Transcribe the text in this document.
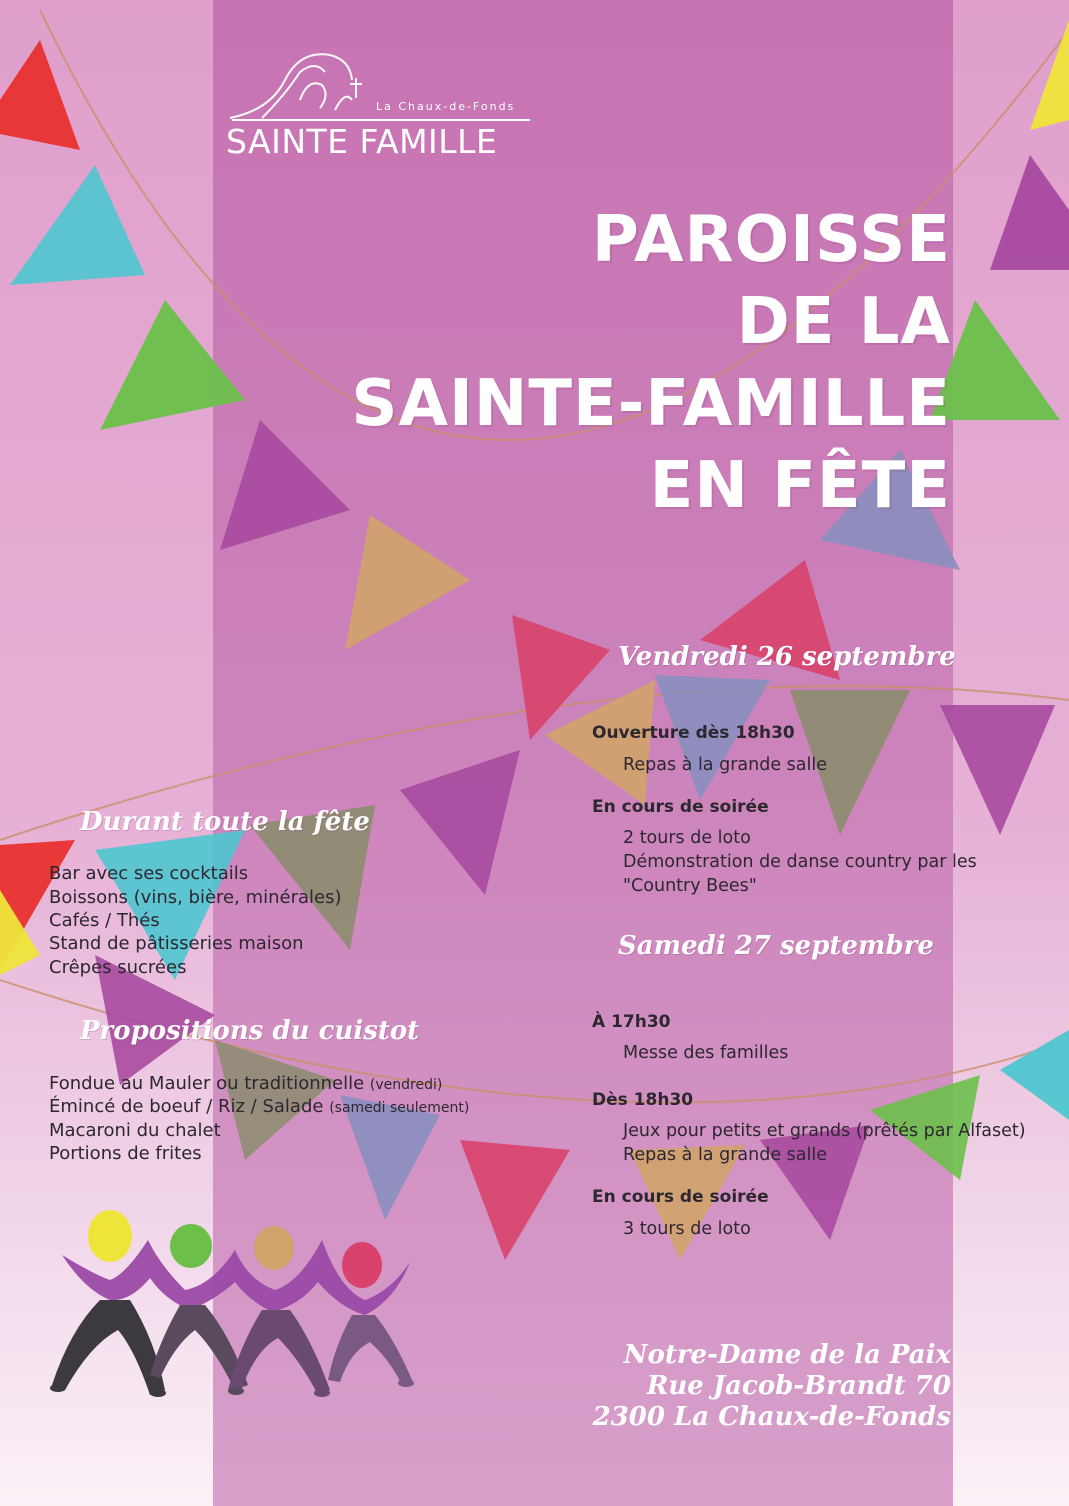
La Chaux-de-Fonds
SAINTE FAMILLE
PAROISSE
DE LA
SAINTE-FAMILLE
EN FÊTE
Vendredi 26 septembre
Ouverture dès 18h30
Repas à la grande salle
En cours de soirée
2 tours de loto
Démonstration de danse country par les
"Country Bees"
Samedi 27 septembre
À 17h30
Messe des familles
Dès 18h30
Jeux pour petits et grands (prêtés par Alfaset)
Repas à la grande salle
En cours de soirée
3 tours de loto
Durant toute la fête
Bar avec ses cocktails
Boissons (vins, bière, minérales)
Cafés / Thés
Stand de pâtisseries maison
Crêpes sucrées
Propositions du cuistot
Fondue au Mauler ou traditionnelle (vendredi)
Émincé de boeuf / Riz / Salade (samedi seulement)
Macaroni du chalet
Portions de frites
Notre-Dame de la Paix
Rue Jacob-Brandt 70
2300 La Chaux-de-Fonds
